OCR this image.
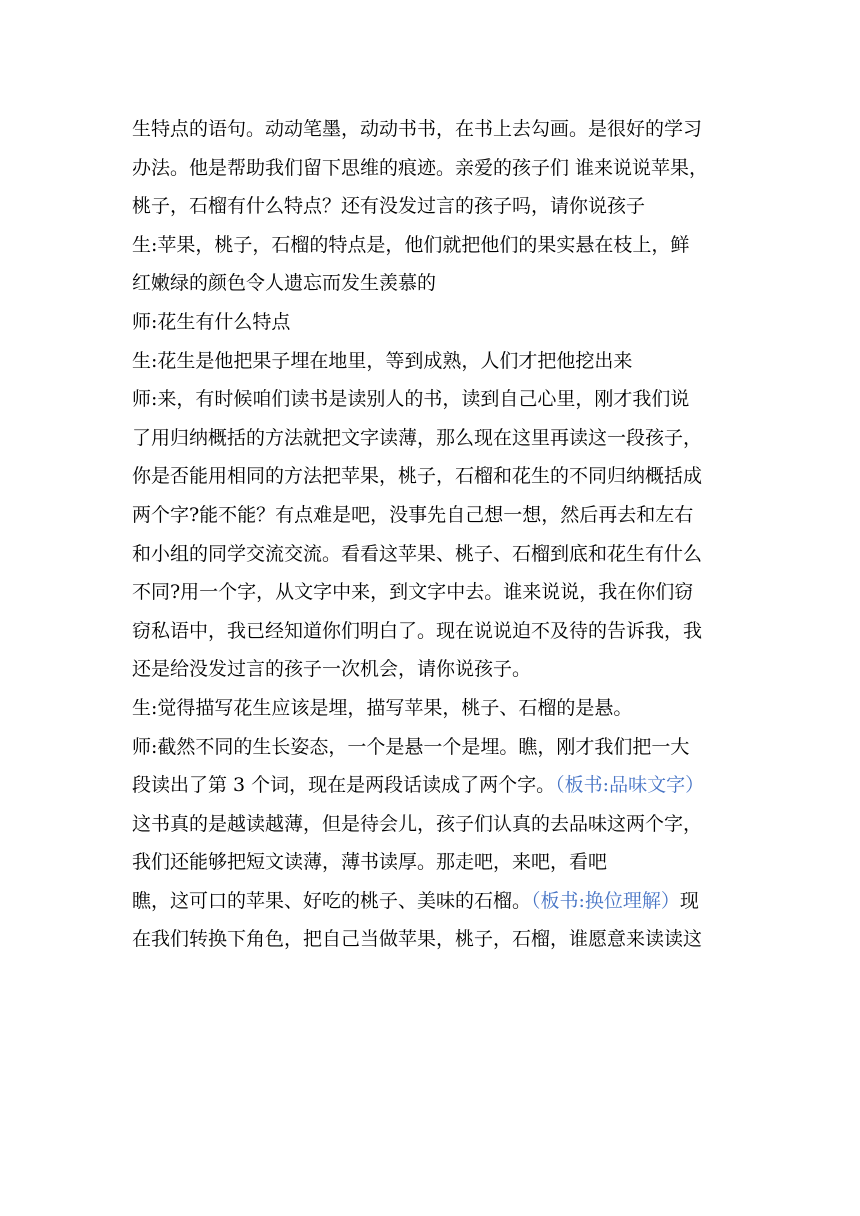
生特点的语句。动动笔墨，动动书书，在书上去勾画。是很好的学习
办法。他是帮助我们留下思维的痕迹。亲爱的孩子们 谁来说说苹果，
桃子，石榴有什么特点？还有没发过言的孩子吗，请你说孩子
生:苹果，桃子，石榴的特点是，他们就把他们的果实悬在枝上，鲜
红嫩绿的颜色令人遗忘而发生羡慕的
师:花生有什么特点
生:花生是他把果子埋在地里，等到成熟，人们才把他挖出来
师:来，有时候咱们读书是读别人的书，读到自己心里，刚才我们说
了用归纳概括的方法就把文字读薄，那么现在这里再读这一段孩子，
你是否能用相同的方法把苹果，桃子，石榴和花生的不同归纳概括成
两个字?能不能？有点难是吧，没事先自己想一想，然后再去和左右
和小组的同学交流交流。看看这苹果、桃子、石榴到底和花生有什么
不同?用一个字，从文字中来，到文字中去。谁来说说，我在你们窃
窃私语中，我已经知道你们明白了。现在说说迫不及待的告诉我，我
还是给没发过言的孩子一次机会，请你说孩子。
生:觉得描写花生应该是埋，描写苹果，桃子、石榴的是悬。
师:截然不同的生长姿态，一个是悬一个是埋。瞧，刚才我们把一大
段读出了第 3 个词，现在是两段话读成了两个字。（板书:品味文字）
这书真的是越读越薄，但是待会儿，孩子们认真的去品味这两个字，
我们还能够把短文读薄，薄书读厚。那走吧，来吧，看吧
瞧，这可口的苹果、好吃的桃子、美味的石榴。（板书:换位理解）现
在我们转换下角色，把自己当做苹果，桃子，石榴，谁愿意来读读这
